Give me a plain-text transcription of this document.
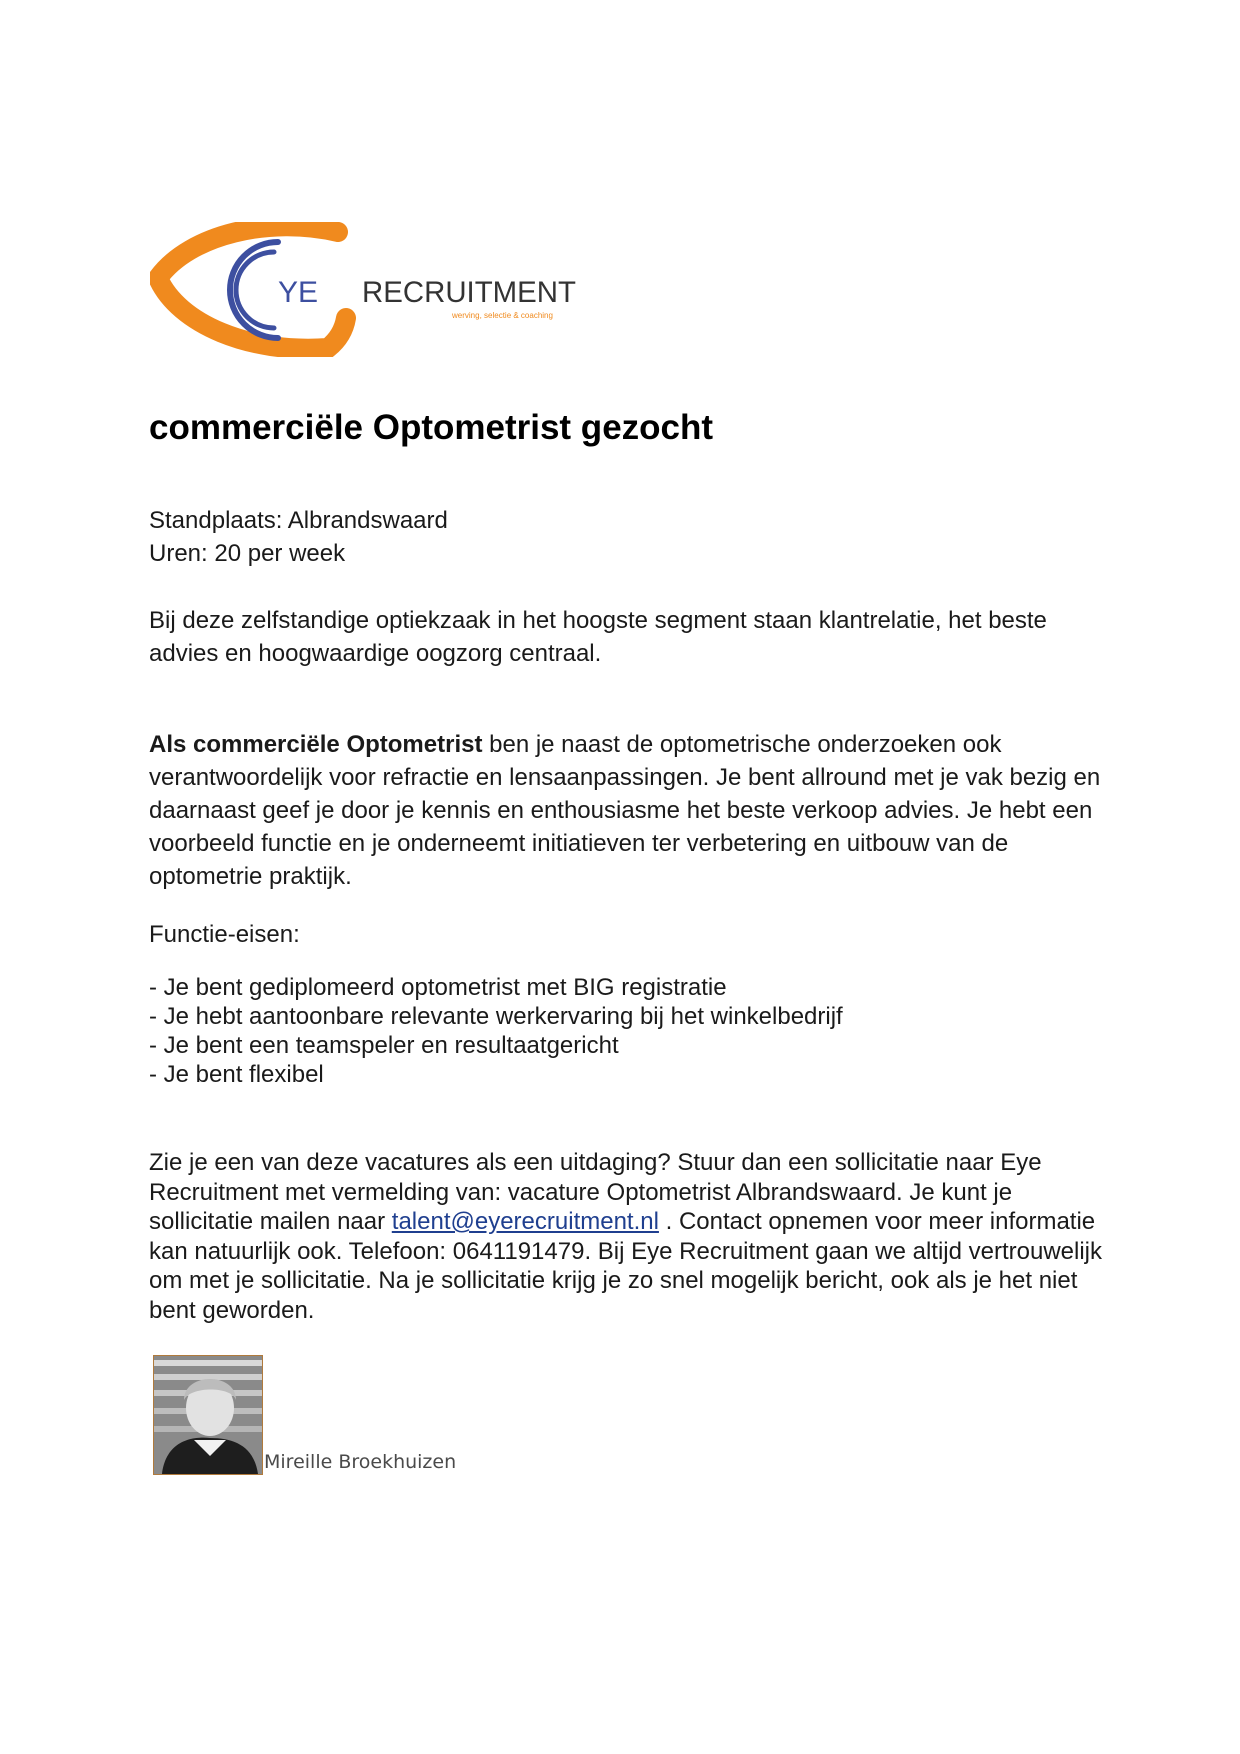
YE RECRUITMENT
werving, selectie & coaching
commerciële Optometrist gezocht
Standplaats: Albrandswaard
Uren: 20 per week

Bij deze zelfstandige optiekzaak in het hoogste segment staan klantrelatie, het beste advies en hoogwaardige oogzorg centraal.

Als commerciële Optometrist ben je naast de optometrische onderzoeken ook verantwoordelijk voor refractie en lensaanpassingen. Je bent allround met je vak bezig en daarnaast geef je door je kennis en enthousiasme het beste verkoop advies. Je hebt een voorbeeld functie en je onderneemt initiatieven ter verbetering en uitbouw van de optometrie praktijk.

Functie-eisen:
- Je bent gediplomeerd optometrist met BIG registratie
- Je hebt aantoonbare relevante werkervaring bij het winkelbedrijf
- Je bent een teamspeler en resultaatgericht
- Je bent flexibel

Zie je een van deze vacatures als een uitdaging? Stuur dan een sollicitatie naar Eye Recruitment met vermelding van: vacature Optometrist Albrandswaard. Je kunt je sollicitatie mailen naar talent@eyerecruitment.nl . Contact opnemen voor meer informatie kan natuurlijk ook. Telefoon: 0641191479. Bij Eye Recruitment gaan we altijd vertrouwelijk om met je sollicitatie. Na je sollicitatie krijg je zo snel mogelijk bericht, ook als je het niet bent geworden.

Mireille Broekhuizen
